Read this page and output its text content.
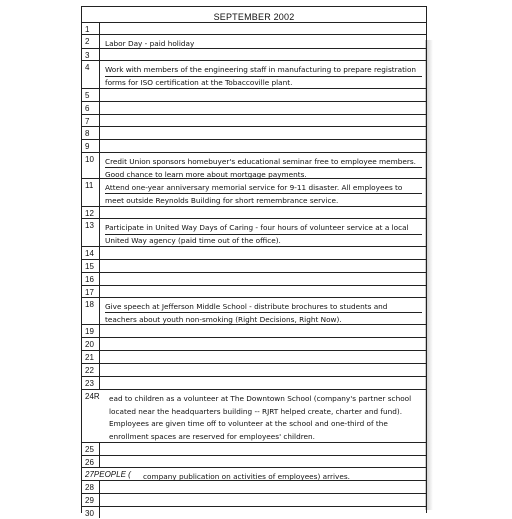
SEPTEMBER 2002
1
2 Labor Day - paid holiday
3
4 Work with members of the engineering staff in manufacturing to prepare registration forms for ISO certification at the Tobaccoville plant.
5
6
7
8
9
10 Credit Union sponsors homebuyer's educational seminar free to employee members. Good chance to learn more about mortgage payments.
11 Attend one-year anniversary memorial service for 9-11 disaster. All employees to meet outside Reynolds Building for short remembrance service.
12
13 Participate in United Way Days of Caring - four hours of volunteer service at a local United Way agency (paid time out of the office).
14
15
16
17
18 Give speech at Jefferson Middle School - distribute brochures to students and teachers about youth non-smoking (Right Decisions, Right Now).
19
20
21
22
23
24R ead to children as a volunteer at The Downtown School (company's partner school located near the headquarters building -- RJRT helped create, charter and fund). Employees are given time off to volunteer at the school and one-third of the enrollment spaces are reserved for employees' children.
25
26
27PEOPLE ( company publication on activities of employees) arrives.
28
29
30
